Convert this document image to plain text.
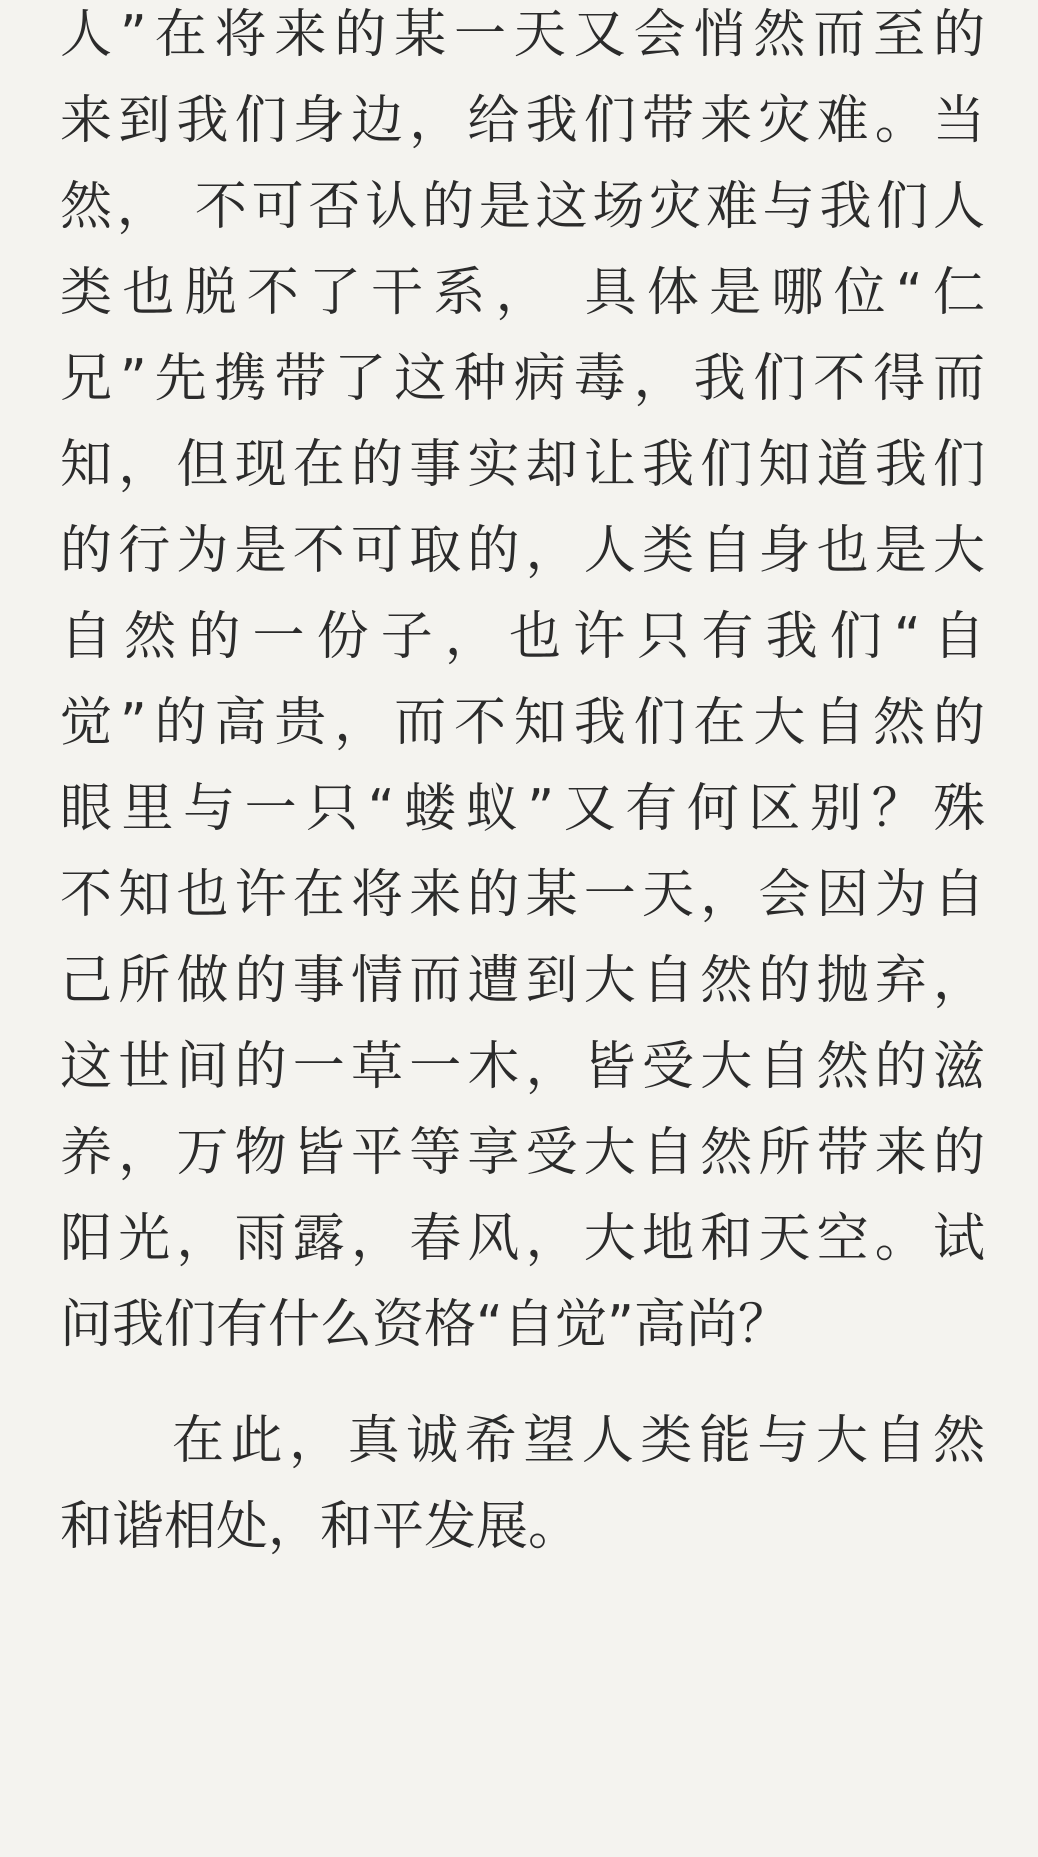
人”在将来的某一天又会悄然而至的
来到我们身边，给我们带来灾难。当
然， 不可否认的是这场灾难与我们人
类也脱不了干系， 具体是哪位“仁
兄”先携带了这种病毒，我们不得而
知，但现在的事实却让我们知道我们
的行为是不可取的，人类自身也是大
自然的一份子，也许只有我们“自
觉”的高贵，而不知我们在大自然的
眼里与一只“蝼蚁”又有何区别？殊
不知也许在将来的某一天，会因为自
己所做的事情而遭到大自然的抛弃，
这世间的一草一木，皆受大自然的滋
养，万物皆平等享受大自然所带来的
阳光，雨露，春风，大地和天空。试
问我们有什么资格“自觉”高尚？
在此，真诚希望人类能与大自然
和谐相处，和平发展。
